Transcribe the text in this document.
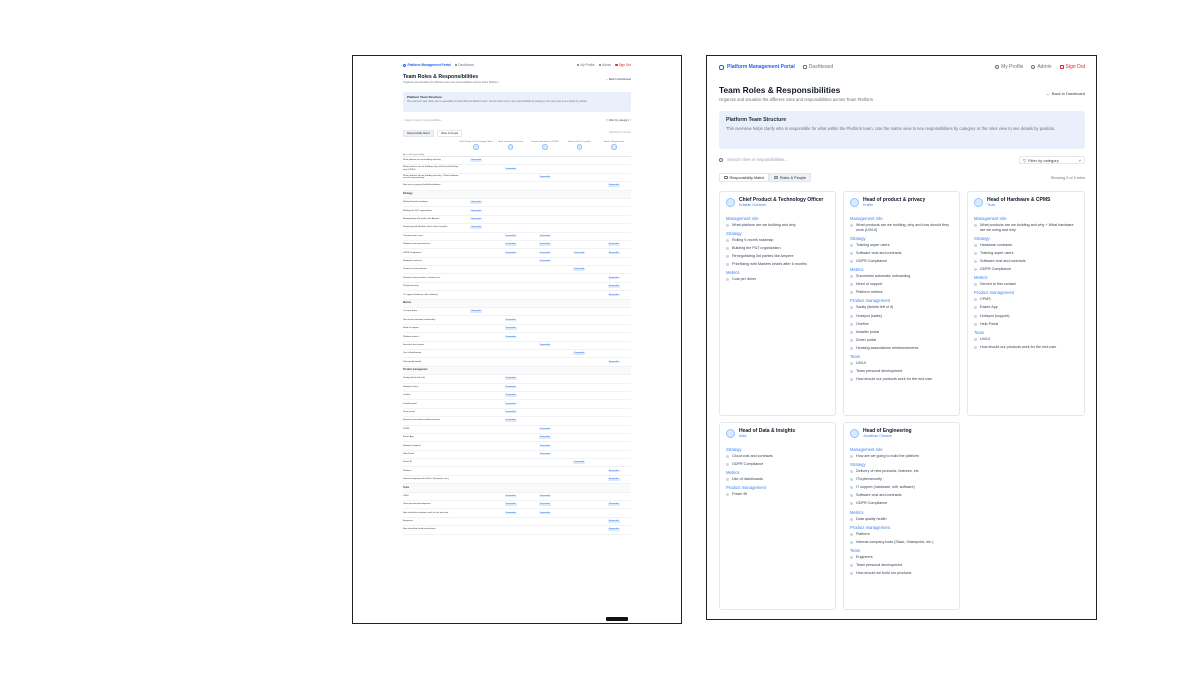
Platform Management Portal Dashboard	My Profile Admin Sign Out
Team Roles & Responsibilities
Organize and visualize the different roles and responsibilities across Team Platform
← Back to Dashboard
Platform Team Structure
This overview helps clarify who is responsible for what within the Platform team. Use the matrix view to see responsibilities by category or the roles view to see details by position.
⌕ Search roles or responsibilities...	▽ Filter by category ˅
Responsibility Matrix	Roles & People	Showing 5 of 5 roles
Area of Responsibility	Chief Product & Technology Officer	Head of product & privacy	Head of Hardware & CPMS	Head of Data & Insights	Head of Engineering

What platform are we building and why	Responsible				
What products are we building, why and how should they work (UX/UI)		Responsible			
What products are we building and why + What hardware are we using and why			Responsible		
How are we going to build the platform					Responsible
Strategy					
Rolling 9-month roadmap	Responsible				
Building the P&T organization	Responsible				
Renegotiating 3rd parties like Ampere	Responsible				
Prioritizing with Markets what's after 6 months	Responsible				
Training super users		Responsible	Responsible		
Software cost and contracts		Responsible	Responsible		Responsible
GDPR Compliance		Responsible	Responsible	Responsible	Responsible
Hardware contracts			Responsible		
Cloud cost and contracts				Responsible	
Delivery of new products, features, etc					Responsible
IT/cybersecurity					Responsible
IT support (hardware, wifi, software)					Responsible
Metrics					
Cost per driver	Responsible				
Successful automatic onboarding		Responsible			
Need of support		Responsible			
Platform metrics		Responsible			
Served to first contact			Responsible		
Use of dashboards				Responsible	
Data quality health					Responsible
Product management					
Sanity (tickets left of it)		Responsible			
Hubspot (sales)		Responsible			
Onefive		Responsible			
Installer portal		Responsible			
Driver portal		Responsible			
Housing associations reimbursements		Responsible			
CPMS			Responsible		
Easee App			Responsible		
Hubspot (support)			Responsible		
Help Portal			Responsible		
Power BI				Responsible	
Platform					Responsible
Internal company tools (Slack, Sharepoint, etc.)					Responsible
Team					
UX/UI		Responsible	Responsible		
Team personal development		Responsible	Responsible		Responsible
How should our products work for the end user		Responsible	Responsible		
Engineers					Responsible
How should we build our products					Responsible
Platform Management Portal	Dashboard	My Profile	Admin	Sign Out
Team Roles & Responsibilities
Organize and visualize the different roles and responsibilities across Team Platform
← Back to Dashboard
Platform Team Structure
This overview helps clarify who is responsible for what within the Platform team. Use the matrix view to see responsibilities by category or the roles view to see details by position.
Search roles or responsibilities...	▽ Filter by category	˅
Responsibility Matrix	Roles & People	Showing 5 of 5 roles
Chief Product & Technology Officer
Kristian Hohnsel
Management role
What platform are we building and why
Strategy
Rolling 9-month roadmap
Building the P&T organization
Renegotiating 3rd parties like Ampere
Prioritizing with Markets what's after 6 months
Metrics
Cost per driver
Head of product & privacy
Kristin
Management role
What products are we building, why and how should they work (UX/UI)
Strategy
Training super users
Software cost and contracts
GDPR Compliance
Metrics
Successful automatic onboarding
Need of support
Platform metrics
Product management
Sanity (tickets left of it)
Hubspot (sales)
Onefive
Installer portal
Driver portal
Housing associations reimbursements
Team
UX/UI
Team personal development
How should our products work for the end user
Head of Hardware & CPMS
Truls
Management role
What products are we building and why + What hardware are we using and why
Strategy
Hardware contracts
Training super users
Software cost and contracts
GDPR Compliance
Metrics
Served to first contact
Product management
CPMS
Easee App
Hubspot (support)
Help Portal
Team
UX/UI
How should our products work for the end user
Head of Data & Insights
Aida
Strategy
Cloud cost and contracts
GDPR Compliance
Metrics
Use of dashboards
Product management
Power BI
Head of Engineering
Jonathan Clearon
Management role
How are we going to build the platform
Strategy
Delivery of new products, features, etc
IT/cybersecurity
IT support (hardware, wifi, software)
Software cost and contracts
GDPR Compliance
Metrics
Data quality health
Product management
Platform
Internal company tools (Slack, Sharepoint, etc.)
Team
Engineers
Team personal development
How should we build our products
